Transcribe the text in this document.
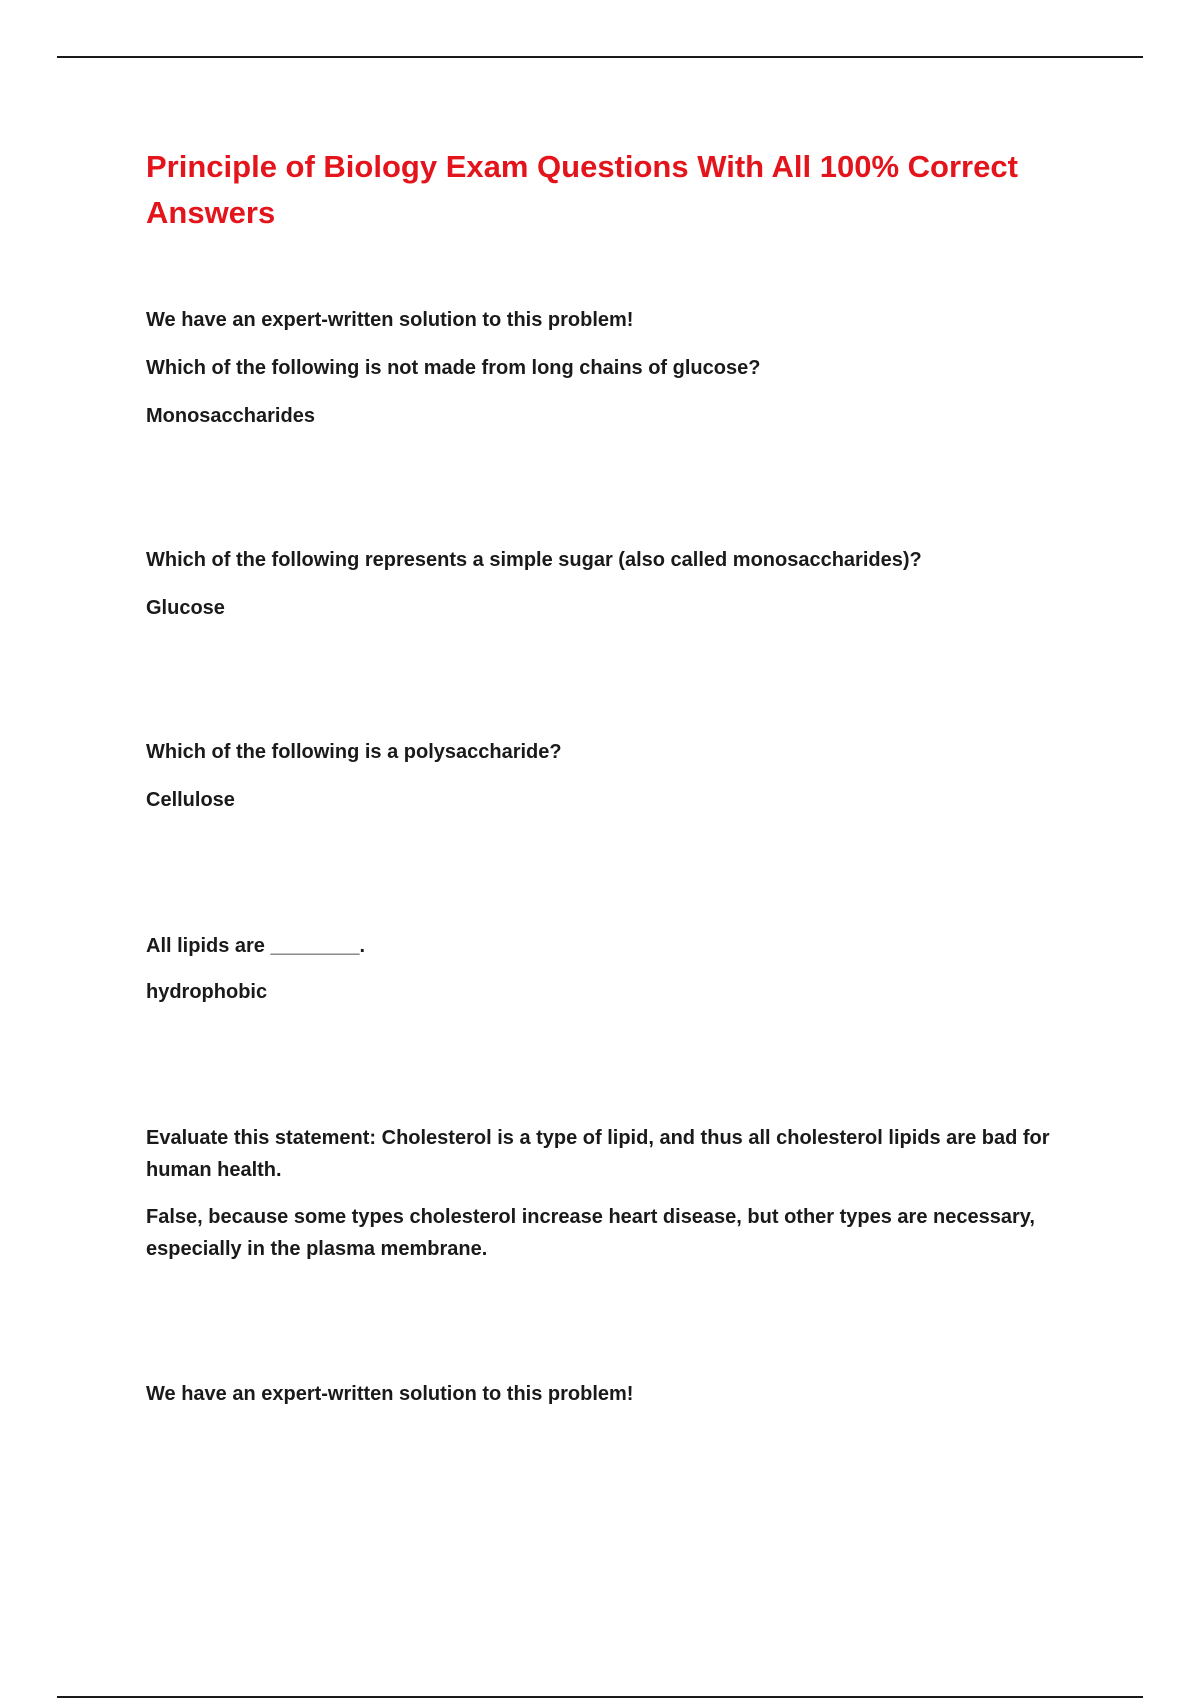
Principle of Biology Exam Questions With All 100% Correct Answers

We have an expert-written solution to this problem!

Which of the following is not made from long chains of glucose?

Monosaccharides

Which of the following represents a simple sugar (also called monosaccharides)?

Glucose

Which of the following is a polysaccharide?

Cellulose

All lipids are ________.

hydrophobic

Evaluate this statement: Cholesterol is a type of lipid, and thus all cholesterol lipids are bad for human health.

False, because some types cholesterol increase heart disease, but other types are necessary, especially in the plasma membrane.

We have an expert-written solution to this problem!
